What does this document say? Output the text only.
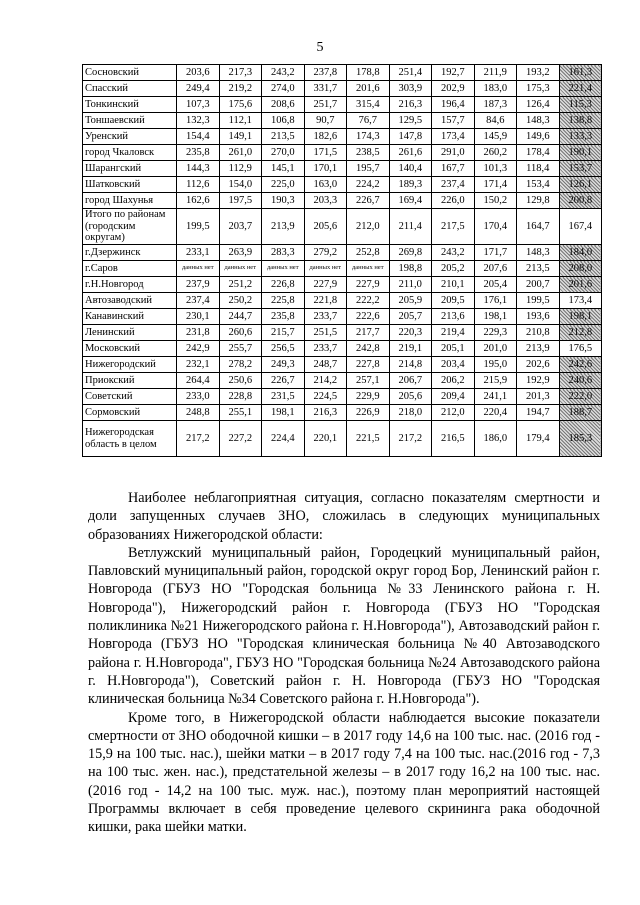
5
Сосновский	203,6	217,3	243,2	237,8	178,8	251,4	192,7	211,9	193,2	161,3
Спасский	249,4	219,2	274,0	331,7	201,6	303,9	202,9	183,0	175,3	221,4
Тонкинский	107,3	175,6	208,6	251,7	315,4	216,3	196,4	187,3	126,4	115,3
Тоншаевский	132,3	112,1	106,8	90,7	76,7	129,5	157,7	84,6	148,3	138,8
Уренский	154,4	149,1	213,5	182,6	174,3	147,8	173,4	145,9	149,6	133,3
город Чкаловск	235,8	261,0	270,0	171,5	238,5	261,6	291,0	260,2	178,4	190,1
Шарангский	144,3	112,9	145,1	170,1	195,7	140,4	167,7	101,3	118,4	153,7
Шатковский	112,6	154,0	225,0	163,0	224,2	189,3	237,4	171,4	153,4	126,1
город Шахунья	162,6	197,5	190,3	203,3	226,7	169,4	226,0	150,2	129,8	200,8
Итого по районам (городским округам)	199,5	203,7	213,9	205,6	212,0	211,4	217,5	170,4	164,7	167,4
г.Дзержинск	233,1	263,9	283,3	279,2	252,8	269,8	243,2	171,7	148,3	184,0
г.Саров	данных нет	данных нет	данных нет	данных нет	данных нет	198,8	205,2	207,6	213,5	208,0
г.Н.Новгород	237,9	251,2	226,8	227,9	227,9	211,0	210,1	205,4	200,7	201,6
Автозаводский	237,4	250,2	225,8	221,8	222,2	205,9	209,5	176,1	199,5	173,4
Канавинский	230,1	244,7	235,8	233,7	222,6	205,7	213,6	198,1	193,6	198,1
Ленинский	231,8	260,6	215,7	251,5	217,7	220,3	219,4	229,3	210,8	212,8
Московский	242,9	255,7	256,5	233,7	242,8	219,1	205,1	201,0	213,9	176,5
Нижегородский	232,1	278,2	249,3	248,7	227,8	214,8	203,4	195,0	202,6	242,6
Приокский	264,4	250,6	226,7	214,2	257,1	206,7	206,2	215,9	192,9	240,6
Советский	233,0	228,8	231,5	224,5	229,9	205,6	209,4	241,1	201,3	222,0
Сормовский	248,8	255,1	198,1	216,3	226,9	218,0	212,0	220,4	194,7	188,7
Нижегородская область в целом	217,2	227,2	224,4	220,1	221,5	217,2	216,5	186,0	179,4	185,3

Наиболее неблагоприятная ситуация, согласно показателям смертности и доли запущенных случаев ЗНО, сложилась в следующих муниципальных образованиях Нижегородской области:

Ветлужский муниципальный район, Городецкий муниципальный район, Павловский муниципальный район, городской округ город Бор, Ленинский район г. Новгорода (ГБУЗ НО "Городская больница №33 Ленинского района г. Н. Новгорода"), Нижегородский район г. Новгорода (ГБУЗ НО "Городская поликлиника №21 Нижегородского района г. Н.Новгорода"), Автозаводский район г. Новгорода (ГБУЗ НО "Городская клиническая больница №40 Автозаводского района г. Н.Новгорода", ГБУЗ НО "Городская больница №24 Автозаводского района г. Н.Новгорода"), Советский район г. Н. Новгорода (ГБУЗ НО "Городская клиническая больница №34 Советского района г. Н.Новгорода").

Кроме того, в Нижегородской области наблюдается высокие показатели смертности от ЗНО ободочной кишки – в 2017 году 14,6 на 100 тыс. нас. (2016 год - 15,9 на 100 тыс. нас.), шейки матки – в 2017 году 7,4 на 100 тыс. нас.(2016 год - 7,3 на 100 тыс. жен. нас.), предстательной железы – в 2017 году 16,2 на 100 тыс. нас. (2016 год - 14,2 на 100 тыс. муж. нас.), поэтому план мероприятий настоящей Программы включает в себя проведение целевого скрининга рака ободочной кишки, рака шейки матки.
